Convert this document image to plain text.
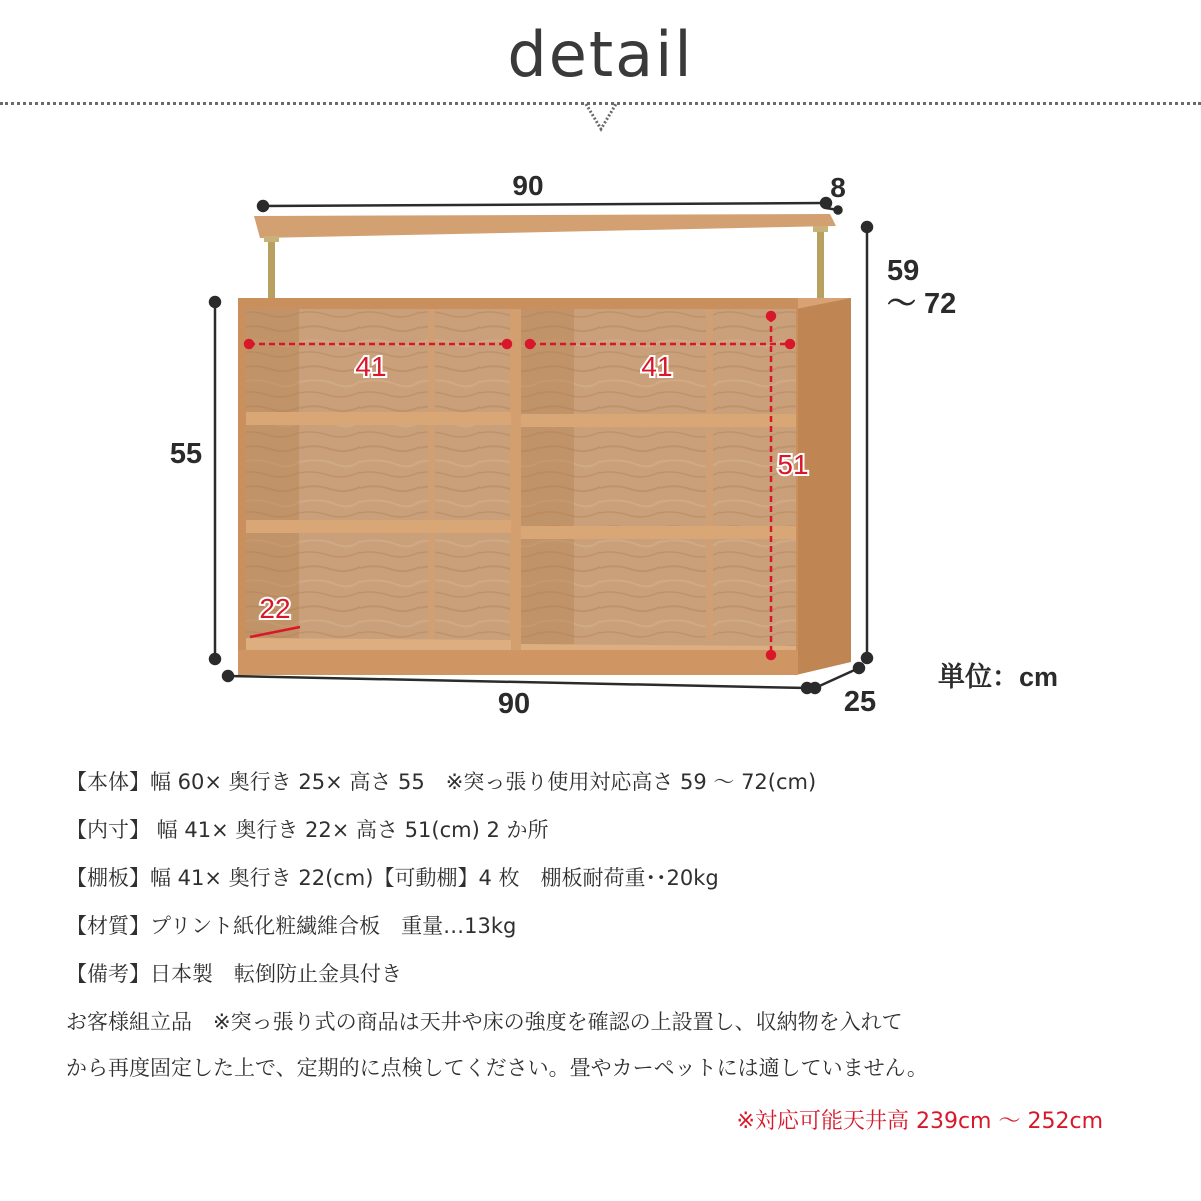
detail
90	8
59
〜 72
55
90	25
単位：cm
41	41
51
22
【本体】幅 60× 奥行き 25× 高さ 55　※突っ張り使用対応高さ 59 〜 72(cm)
【内寸】 幅 41× 奥行き 22× 高さ 51(cm) 2 か所
【棚板】幅 41× 奥行き 22(cm)【可動棚】4 枚　棚板耐荷重･･20kg
【材質】プリント紙化粧繊維合板　重量…13kg
【備考】日本製　転倒防止金具付き
お客様組立品　※突っ張り式の商品は天井や床の強度を確認の上設置し、収納物を入れて
から再度固定した上で、定期的に点検してください。畳やカーペットには適していません。
※対応可能天井高 239cm 〜 252cm
